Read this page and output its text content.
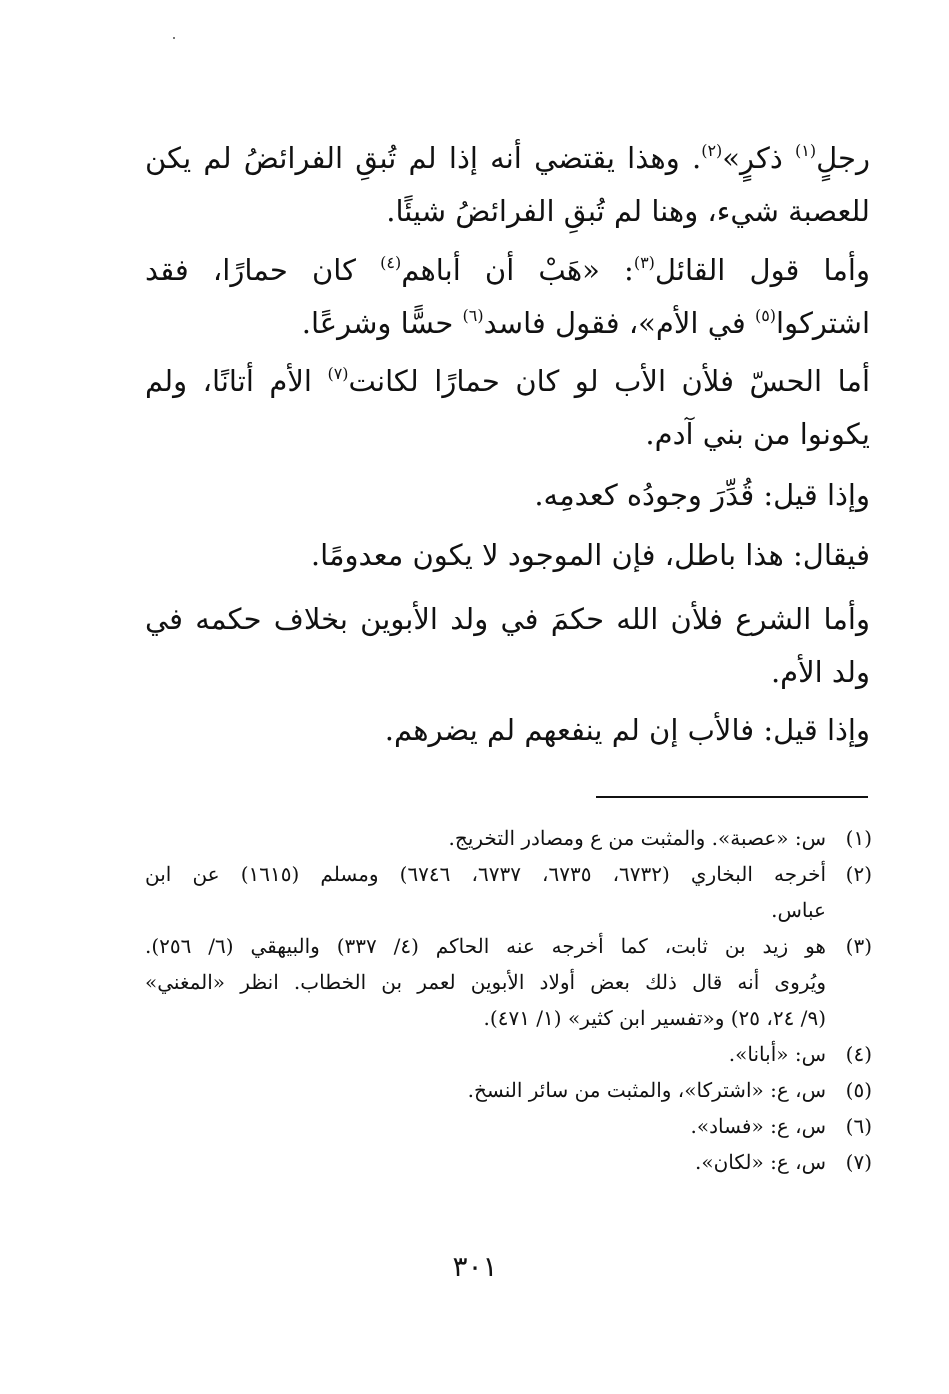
رجلٍ$^{(١)}$ ذكرٍ»$^{(٢)}$. وهذا يقتضي أنه إذا لم تُبقِ الفرائضُ لم يكن
للعصبة شيء، وهنا لم تُبقِ الفرائضُ شيئًا.
وأما قول القائل$^{(٣)}$: «هَبْ أن أباهم$^{(٤)}$ كان حمارًا، فقد
اشتركوا$^{(٥)}$ في الأم»، فقول فاسد$^{(٦)}$ حسًّا وشرعًا.
أما الحسّ فلأن الأب لو كان حمارًا لكانت$^{(٧)}$ الأم أتانًا، ولم
يكونوا من بني آدم.
وإذا قيل: قُدِّرَ وجودُه كعدمِه.
فيقال: هذا باطل، فإن الموجود لا يكون معدومًا.
وأما الشرع فلأن الله حكمَ في ولد الأبوين بخلاف حكمه في
ولد الأم.
وإذا قيل: فالأب إن لم ينفعهم لم يضرهم.
(١)
س: «عصبة». والمثبت من ع ومصادر التخريج.
(٢)
أخرجه البخاري (٦٧٣٢، ٦٧٣٥، ٦٧٣٧، ٦٧٤٦) ومسلم (١٦١٥) عن ابن
عباس.
(٣)
هو زيد بن ثابت، كما أخرجه عنه الحاكم (٤/ ٣٣٧) والبيهقي (٦/ ٢٥٦).
ويُروى أنه قال ذلك بعض أولاد الأبوين لعمر بن الخطاب. انظر «المغني»
(٩/ ٢٤، ٢٥) و«تفسير ابن كثير» (١/ ٤٧١).
(٤)
س: «أبانا».
(٥)
س، ع: «اشتركا»، والمثبت من سائر النسخ.
(٦)
س، ع: «فساد».
(٧)
س، ع: «لكان».
٣٠١
